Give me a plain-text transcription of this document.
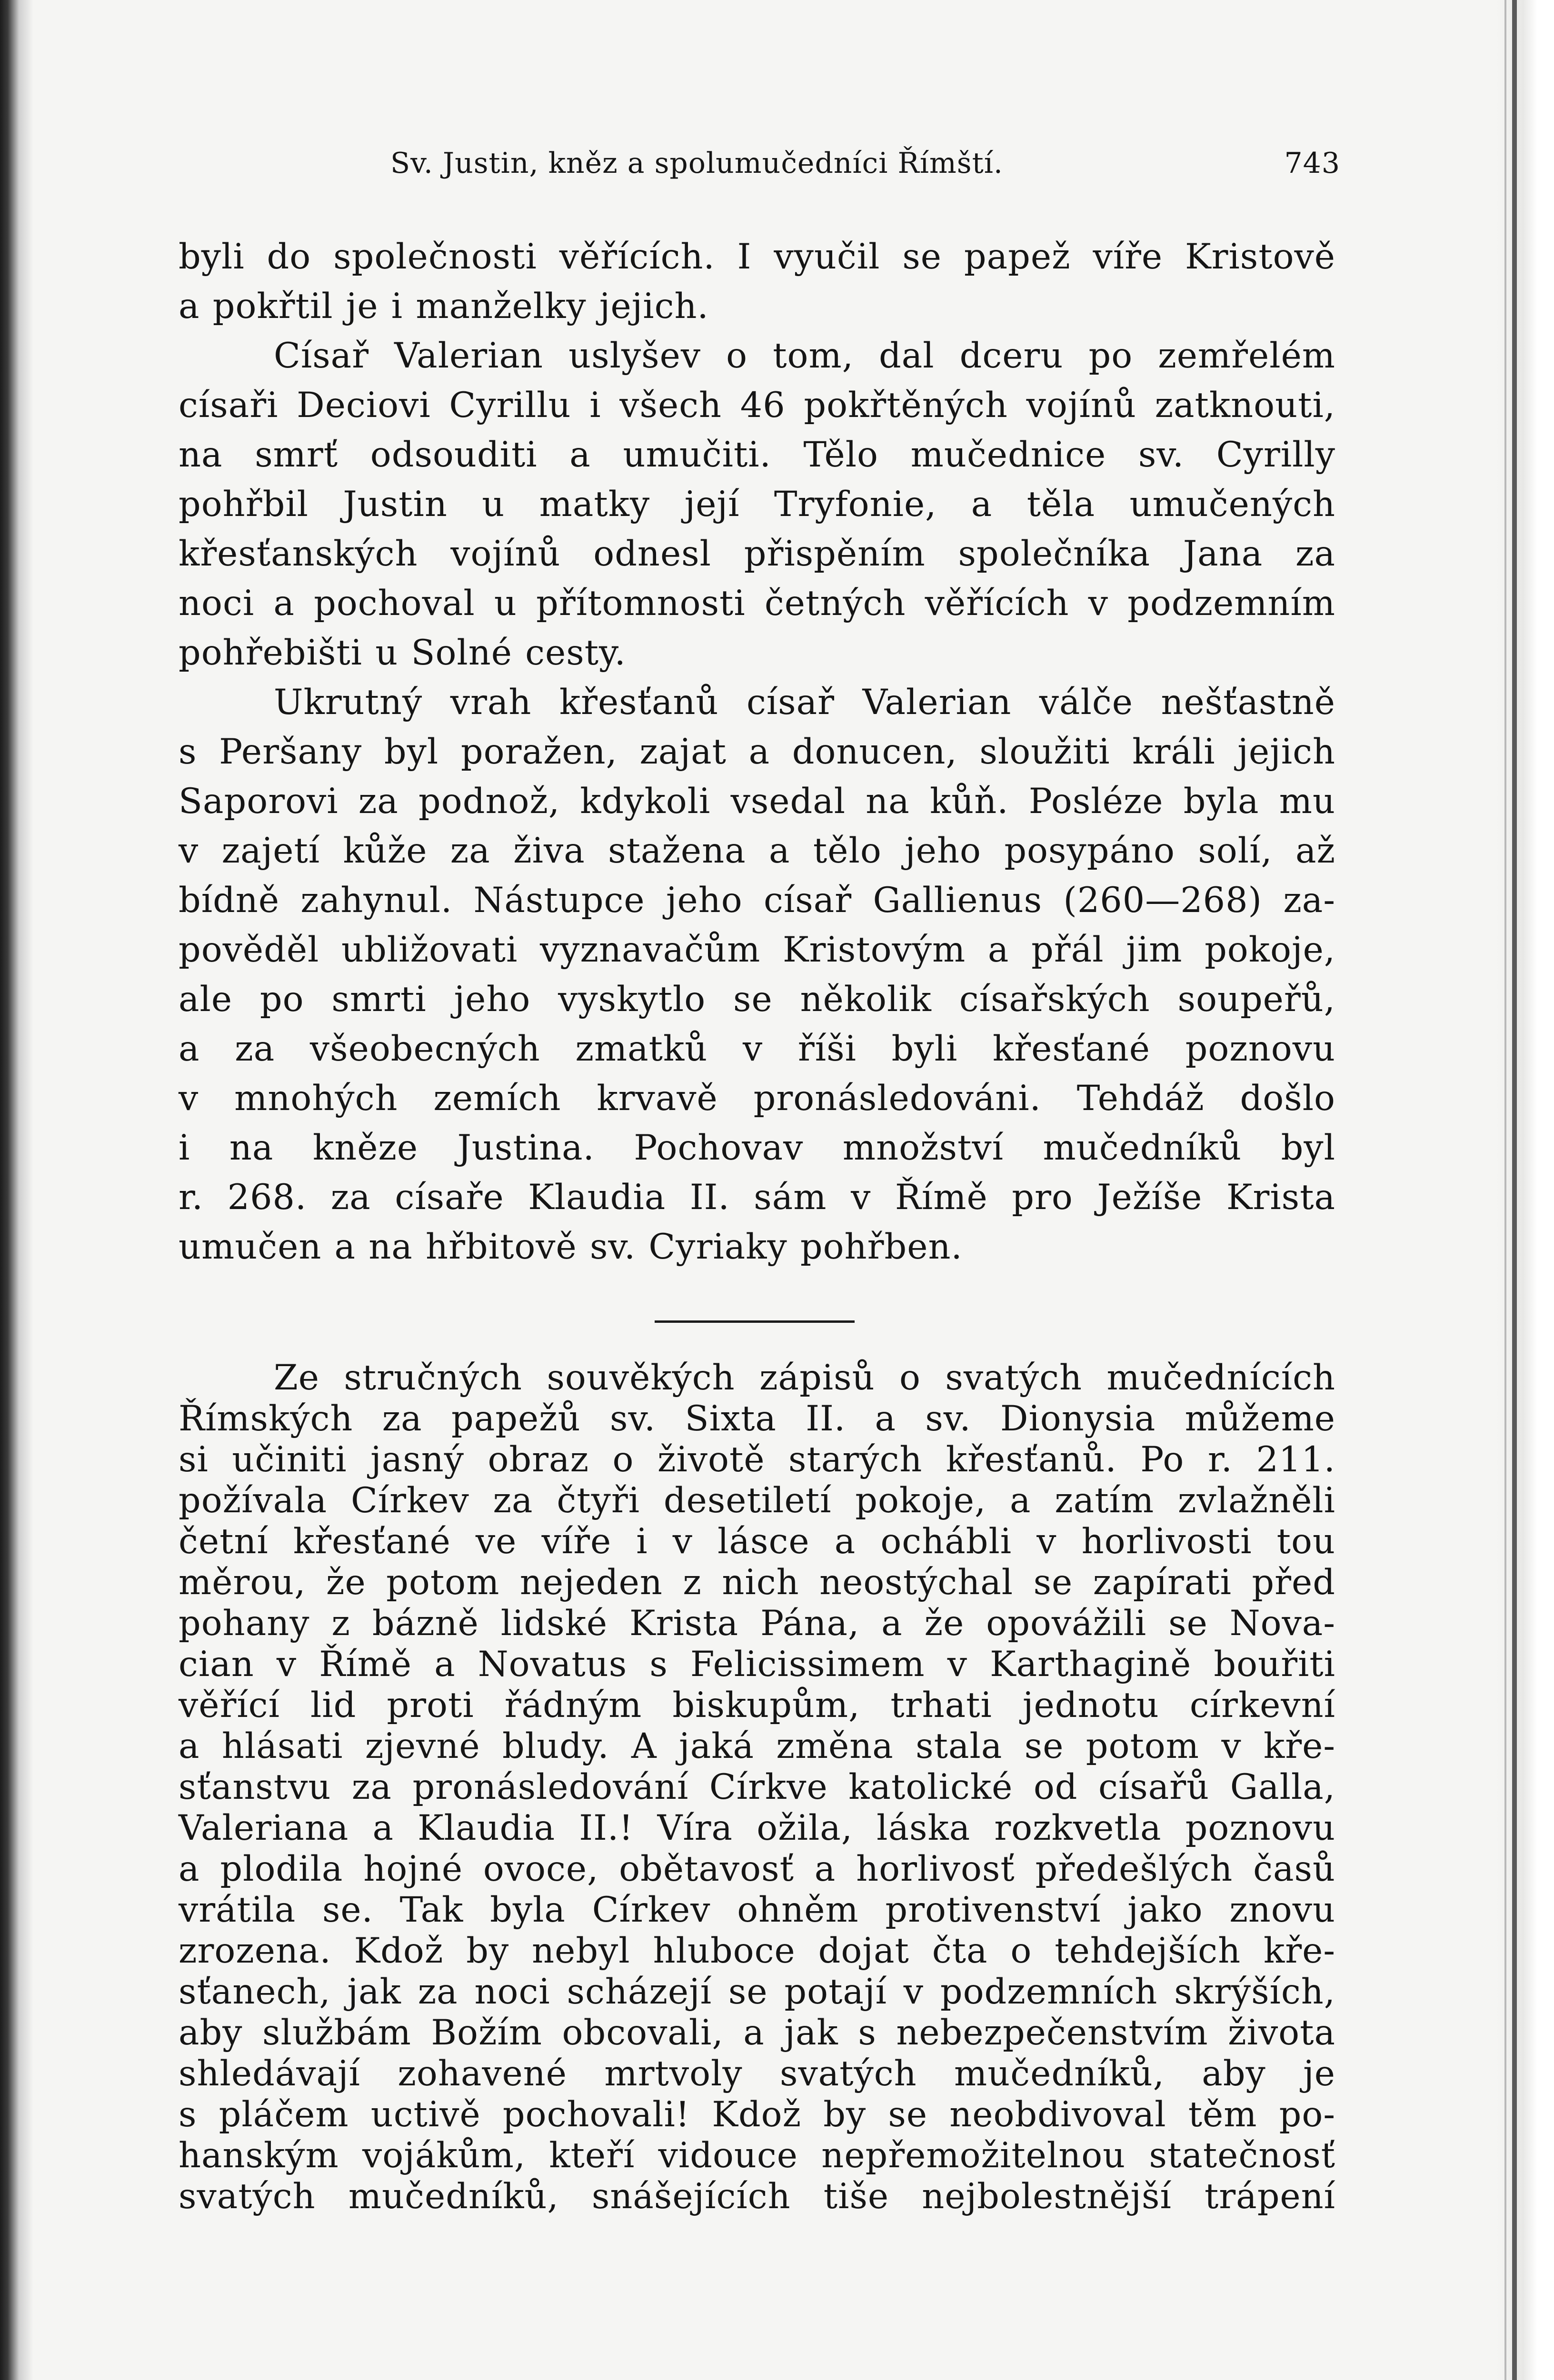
Sv. Justin, kněz a spolumučedníci Římští.	743
byli do společnosti věřících. I vyučil se papež víře Kristově
a pokřtil je i manželky jejich.
Císař Valerian uslyšev o tom, dal dceru po zemřelém
císaři Deciovi Cyrillu i všech 46 pokřtěných vojínů zatknouti,
na smrť odsouditi a umučiti. Tělo mučednice sv. Cyrilly
pohřbil Justin u matky její Tryfonie, a těla umučených
křesťanských vojínů odnesl přispěním společníka Jana za
noci a pochoval u přítomnosti četných věřících v podzemním
pohřebišti u Solné cesty.
Ukrutný vrah křesťanů císař Valerian válče nešťastně
s Peršany byl poražen, zajat a donucen, sloužiti králi jejich
Saporovi za podnož, kdykoli vsedal na kůň. Posléze byla mu
v zajetí kůže za živa stažena a tělo jeho posypáno solí, až
bídně zahynul. Nástupce jeho císař Gallienus (260—268) za-
pověděl ubližovati vyznavačům Kristovým a přál jim pokoje,
ale po smrti jeho vyskytlo se několik císařských soupeřů,
a za všeobecných zmatků v říši byli křesťané poznovu
v mnohých zemích krvavě pronásledováni. Tehdáž došlo
i na kněze Justina. Pochovav množství mučedníků byl
r. 268. za císaře Klaudia II. sám v Římě pro Ježíše Krista
umučen a na hřbitově sv. Cyriaky pohřben.
Ze stručných souvěkých zápisů o svatých mučednících
Římských za papežů sv. Sixta II. a sv. Dionysia můžeme
si učiniti jasný obraz o životě starých křesťanů. Po r. 211.
požívala Církev za čtyři desetiletí pokoje, a zatím zvlažněli
četní křesťané ve víře i v lásce a ochábli v horlivosti tou
měrou, že potom nejeden z nich neostýchal se zapírati před
pohany z bázně lidské Krista Pána, a že opovážili se Nova-
cian v Římě a Novatus s Felicissimem v Karthagině bouřiti
věřící lid proti řádným biskupům, trhati jednotu církevní
a hlásati zjevné bludy. A jaká změna stala se potom v kře-
sťanstvu za pronásledování Církve katolické od císařů Galla,
Valeriana a Klaudia II.! Víra ožila, láska rozkvetla poznovu
a plodila hojné ovoce, obětavosť a horlivosť předešlých časů
vrátila se. Tak byla Církev ohněm protivenství jako znovu
zrozena. Kdož by nebyl hluboce dojat čta o tehdejších kře-
sťanech, jak za noci scházejí se potají v podzemních skrýších,
aby službám Božím obcovali, a jak s nebezpečenstvím života
shledávají zohavené mrtvoly svatých mučedníků, aby je
s pláčem uctivě pochovali! Kdož by se neobdivoval těm po-
hanským vojákům, kteří vidouce nepřemožitelnou statečnosť
svatých mučedníků, snášejících tiše nejbolestnější trápení
